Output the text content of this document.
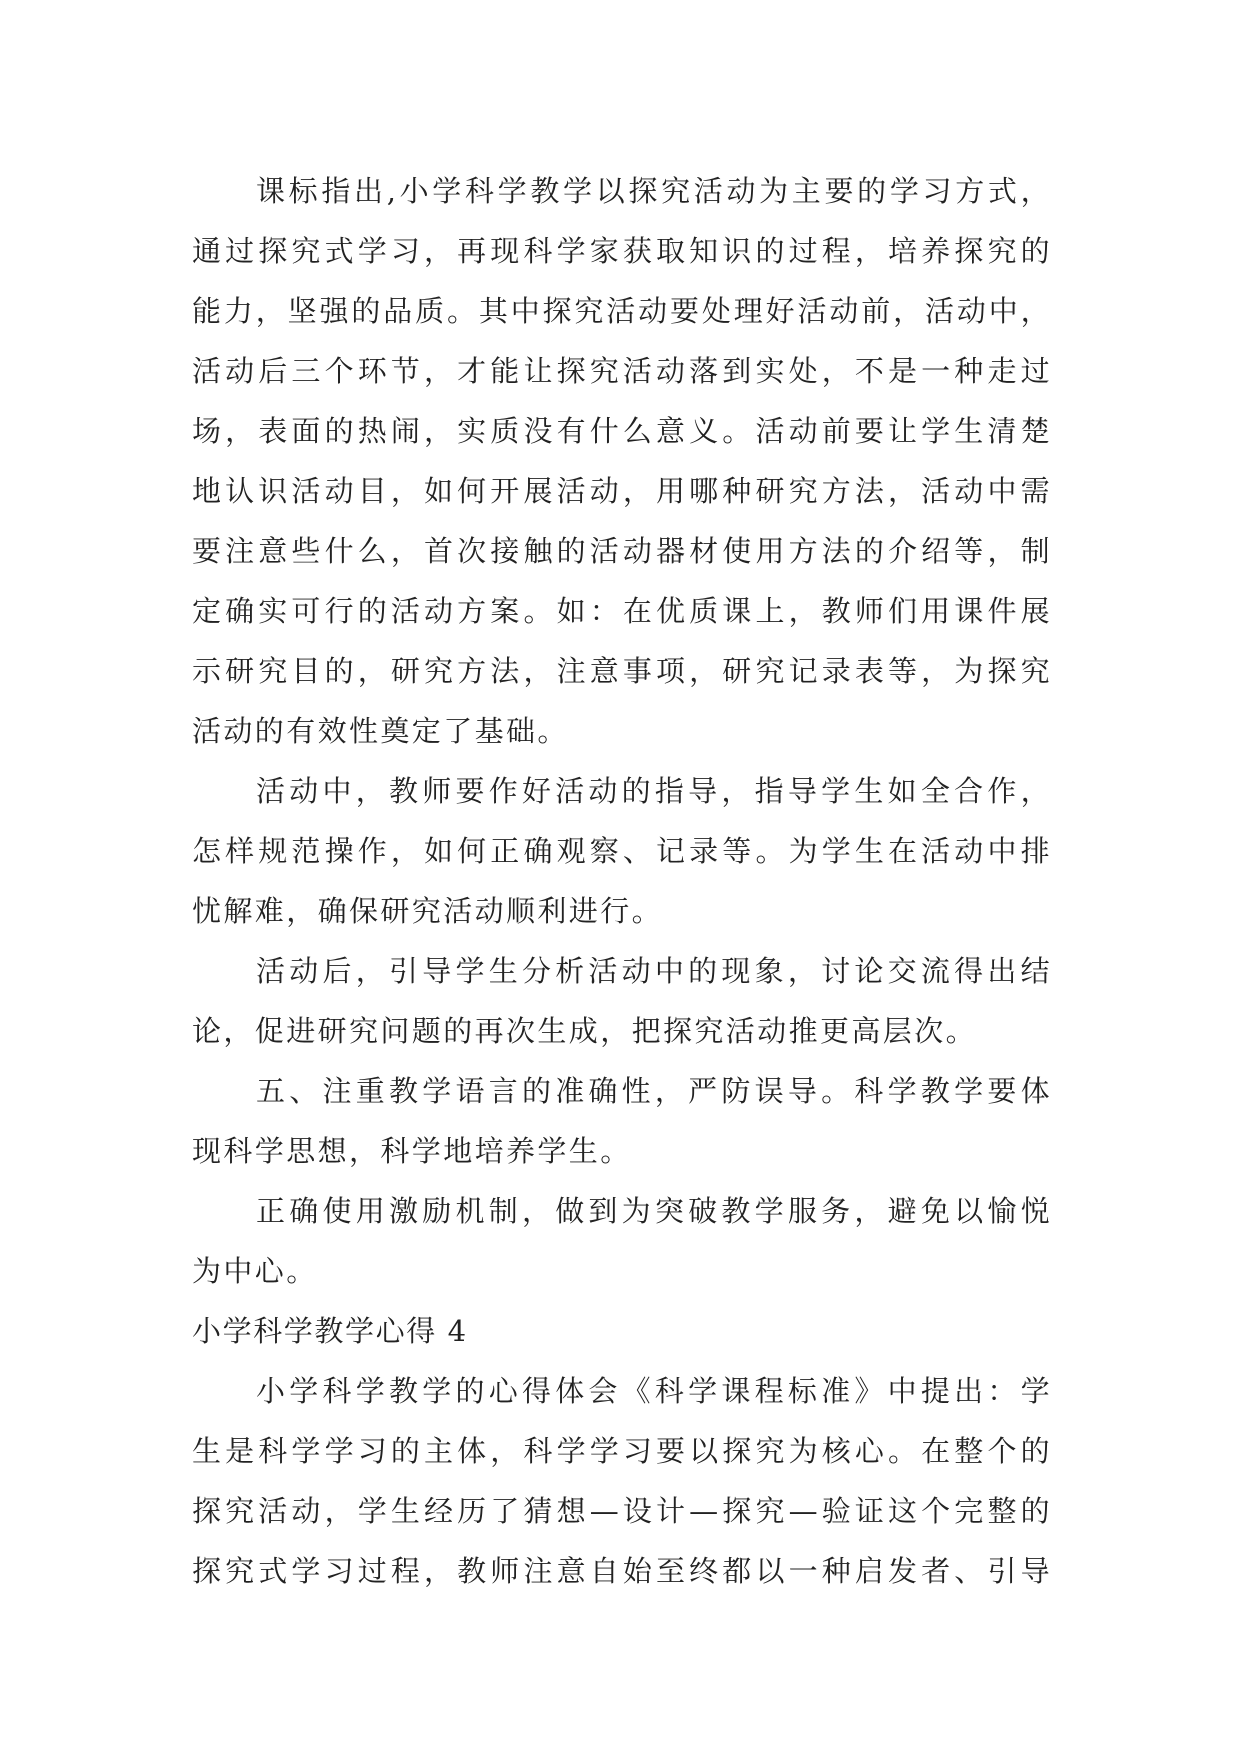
课标指出,小学科学教学以探究活动为主要的学习方式，
通过探究式学习，再现科学家获取知识的过程，培养探究的
能力，坚强的品质。其中探究活动要处理好活动前，活动中，
活动后三个环节，才能让探究活动落到实处，不是一种走过
场，表面的热闹，实质没有什么意义。活动前要让学生清楚
地认识活动目，如何开展活动，用哪种研究方法，活动中需
要注意些什么，首次接触的活动器材使用方法的介绍等，制
定确实可行的活动方案。如：在优质课上，教师们用课件展
示研究目的，研究方法，注意事项，研究记录表等，为探究
活动的有效性奠定了基础。
活动中，教师要作好活动的指导，指导学生如全合作，
怎样规范操作，如何正确观察、记录等。为学生在活动中排
忧解难，确保研究活动顺利进行。
活动后，引导学生分析活动中的现象，讨论交流得出结
论，促进研究问题的再次生成，把探究活动推更高层次。
五、注重教学语言的准确性，严防误导。科学教学要体
现科学思想，科学地培养学生。
正确使用激励机制，做到为突破教学服务，避免以愉悦
为中心。
小学科学教学心得 4
小学科学教学的心得体会《科学课程标准》中提出：学
生是科学学习的主体，科学学习要以探究为核心。在整个的
探究活动，学生经历了猜想—设计—探究—验证这个完整的
探究式学习过程，教师注意自始至终都以一种启发者、引导
